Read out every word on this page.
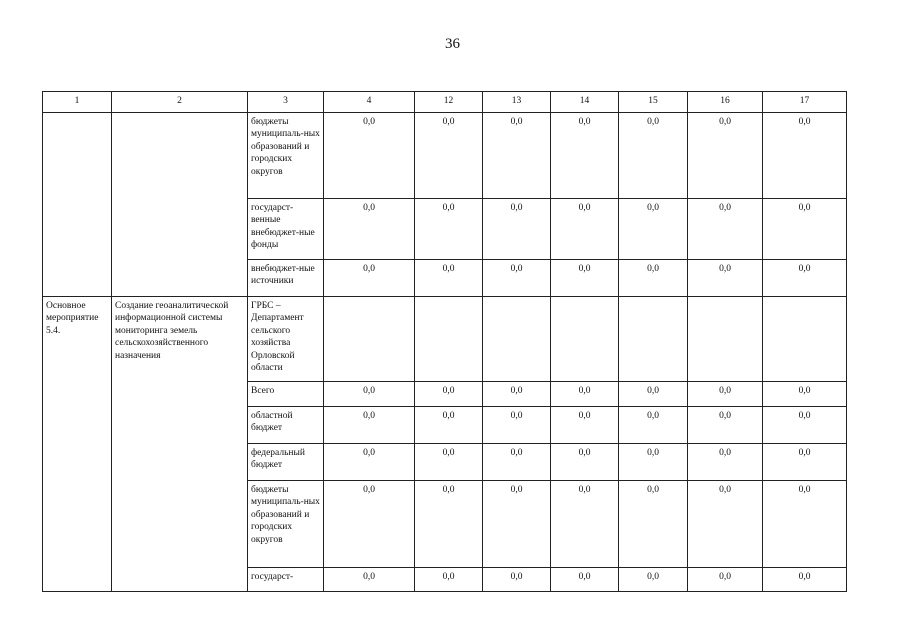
36
1	2	3	4	12	13	14	15	16	17
		бюджеты муниципаль-ных образований и городских округов	0,0	0,0	0,0	0,0	0,0	0,0	0,0
		государст-венные внебюджет-ные фонды	0,0	0,0	0,0	0,0	0,0	0,0	0,0
		внебюджет-ные источники	0,0	0,0	0,0	0,0	0,0	0,0	0,0
Основное мероприятие 5.4.	Создание геоаналитической информационной системы мониторинга земель сельскохозяйственного назначения	ГРБС – Департамент сельского хозяйства Орловской области							
		Всего	0,0	0,0	0,0	0,0	0,0	0,0	0,0
		областной бюджет	0,0	0,0	0,0	0,0	0,0	0,0	0,0
		федеральный бюджет	0,0	0,0	0,0	0,0	0,0	0,0	0,0
		бюджеты муниципаль-ных образований и городских округов	0,0	0,0	0,0	0,0	0,0	0,0	0,0
		государст-	0,0	0,0	0,0	0,0	0,0	0,0	0,0
